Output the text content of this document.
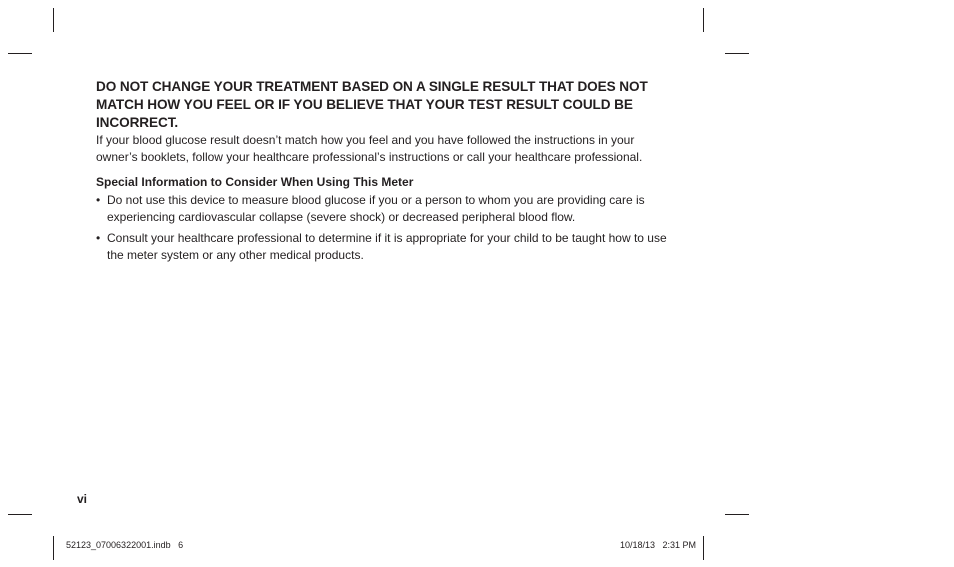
DO NOT CHANGE YOUR TREATMENT BASED ON A SINGLE RESULT THAT DOES NOT MATCH HOW YOU FEEL OR IF YOU BELIEVE THAT YOUR TEST RESULT COULD BE INCORRECT.

If your blood glucose result doesn’t match how you feel and you have followed the instructions in your owner’s booklets, follow your healthcare professional’s instructions or call your healthcare professional.

Special Information to Consider When Using This Meter

• Do not use this device to measure blood glucose if you or a person to whom you are providing care is experiencing cardiovascular collapse (severe shock) or decreased peripheral blood flow.
• Consult your healthcare professional to determine if it is appropriate for your child to be taught how to use the meter system or any other medical products.
vi
52123_07006322001.indb   6	10/18/13   2:31 PM
